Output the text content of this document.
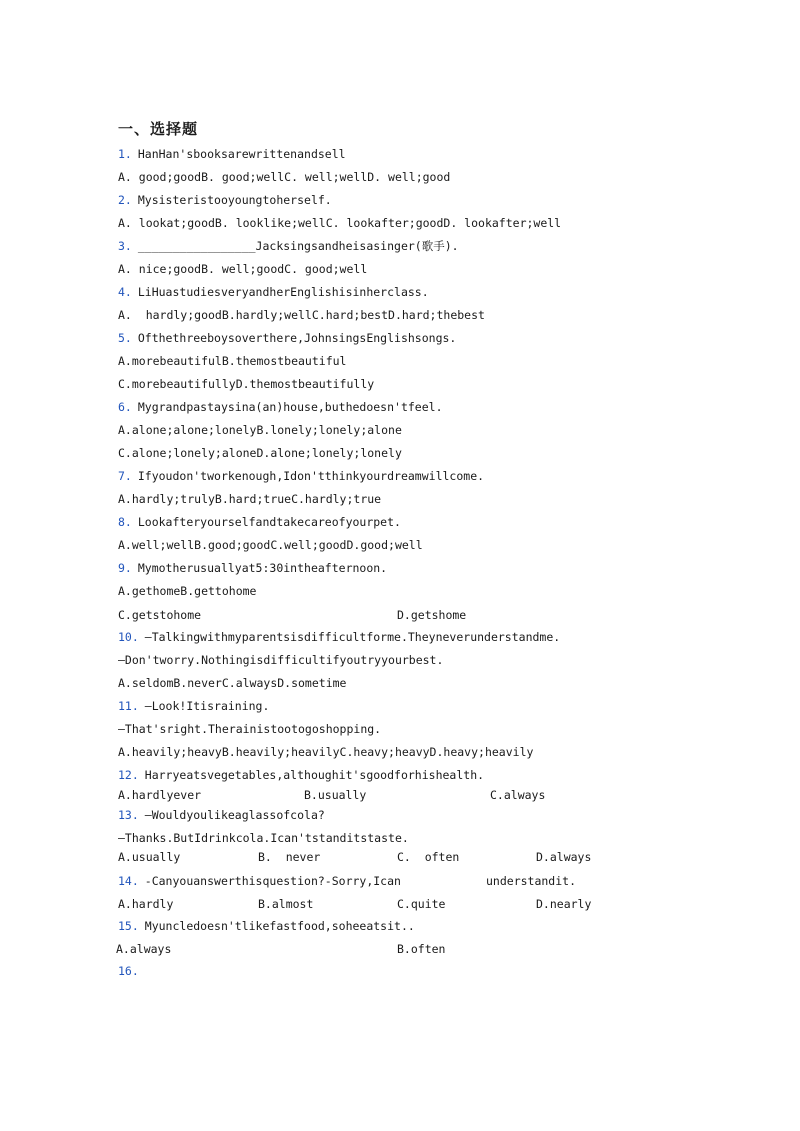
一、选择题
1. HanHan'sbooksarewrittenandsell
A. good;goodB. good;wellC. well;wellD. well;good
2. Mysisteristooyoungtoherself.
A. lookat;goodB. looklike;wellC. lookafter;goodD. lookafter;well
3. _________________Jacksingsandheisasinger(歌手).
A. nice;goodB. well;goodC. good;well
4. LiHuastudiesveryandherEnglishisinherclass.
A.  hardly;goodB.hardly;wellC.hard;bestD.hard;thebest
5. Ofthethreeboysoverthere,JohnsingsEnglishsongs.
A.morebeautifulB.themostbeautiful
C.morebeautifullyD.themostbeautifully
6. Mygrandpastaysina(an)house,buthedoesn'tfeel.
A.alone;alone;lonelyB.lonely;lonely;alone
C.alone;lonely;aloneD.alone;lonely;lonely
7. Ifyoudon'tworkenough,Idon'tthinkyourdreamwillcome.
A.hardly;trulyB.hard;trueC.hardly;true
8. Lookafteryourselfandtakecareofyourpet.
A.well;wellB.good;goodC.well;goodD.good;well
9. Mymotherusuallyat5:30intheafternoon.
A.gethomeB.gettohome
C.getstohome	D.getshome
10. —Talkingwithmyparentsisdifficultforme.Theyneverunderstandme.
—Don'tworry.Nothingisdifficultifyoutryyourbest.
A.seldomB.neverC.alwaysD.sometime
11. —Look!Itisraining.
—That'sright.Therainistootogoshopping.
A.heavily;heavyB.heavily;heavilyC.heavy;heavyD.heavy;heavily
12. Harryeatsvegetables,althoughit'sgoodforhishealth.
A.hardlyever	B.usually	C.always
13. —Wouldyoulikeaglassofcola?
—Thanks.ButIdrinkcola.Ican'tstanditstaste.
A.usually	B.  never	C.  often	D.always
14. -Canyouanswerthisquestion?-Sorry,Ican	understandit.
A.hardly	B.almost	C.quite	D.nearly
15. Myuncledoesn'tlikefastfood,soheeatsit..
A.always	B.often
16.
